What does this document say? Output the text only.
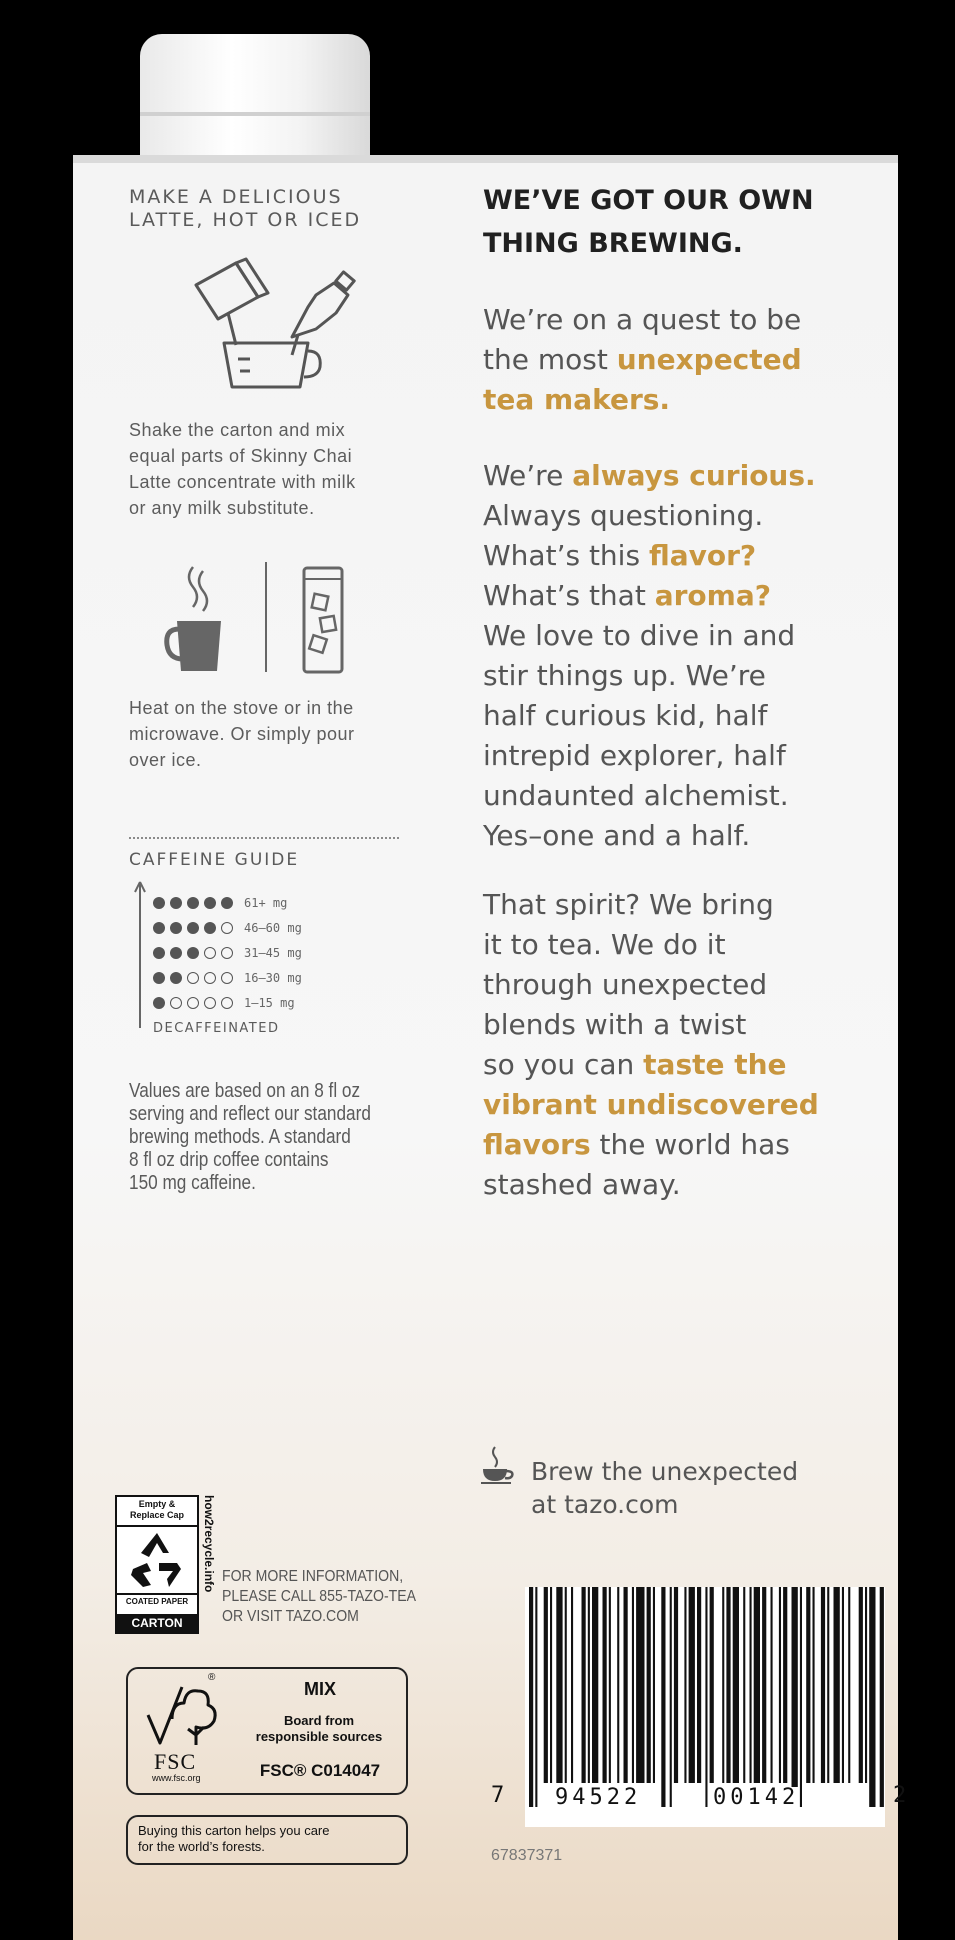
MAKE A DELICIOUS
LATTE, HOT OR ICED
Shake the carton and mix
equal parts of Skinny Chai
Latte concentrate with milk
or any milk substitute.
Heat on the stove or in the
microwave. Or simply pour
over ice.
CAFFEINE GUIDE
61+ mg
46–60 mg
31–45 mg
16–30 mg
1–15 mg
DECAFFEINATED
Values are based on an 8 fl oz
serving and reflect our standard
brewing methods. A standard
8 fl oz drip coffee contains
150 mg caffeine.
WE’VE GOT OUR OWN
THING BREWING.
We’re on a quest to be
the most unexpected
tea makers.
We’re always curious.
Always questioning.
What’s this flavor?
What’s that aroma?
We love to dive in and
stir things up. We’re
half curious kid, half
intrepid explorer, half
undaunted alchemist.
Yes–one and a half.
That spirit? We bring
it to tea. We do it
through unexpected
blends with a twist
so you can taste the
vibrant undiscovered
flavors the world has
stashed away.
Brew the unexpected
at tazo.com
Empty &
Replace Cap
COATED PAPER
CARTON
how2recycle.info FOR MORE INFORMATION,
PLEASE CALL 855-TAZO-TEA
OR VISIT TAZO.COM
®
FSC
www.fsc.org
MIX
Board from
responsible sources
FSC® C014047
Buying this carton helps you care
for the world’s forests.
7 94522	00142	2
67837371
